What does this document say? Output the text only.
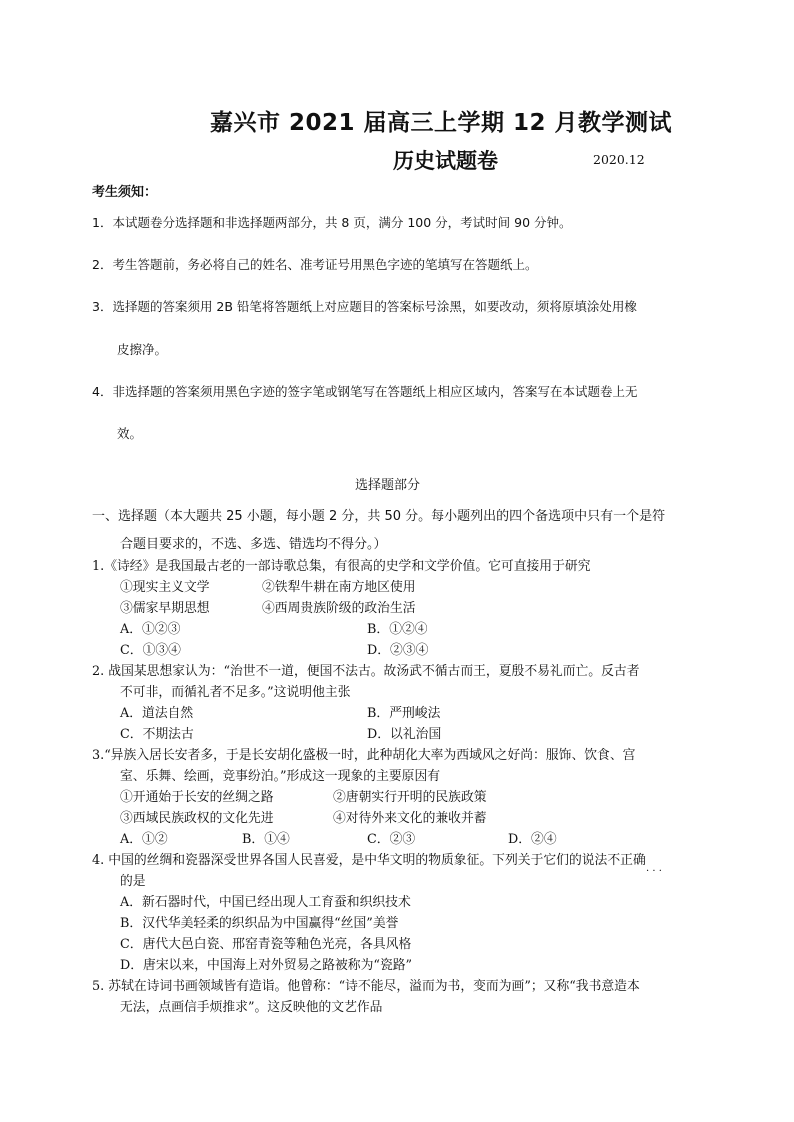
嘉兴市 2021 届高三上学期 12 月教学测试
历史试题卷	2020.12
考生须知：
1．本试题卷分选择题和非选择题两部分，共 8 页，满分 100 分，考试时间 90 分钟。
2．考生答题前，务必将自己的姓名、准考证号用黑色字迹的笔填写在答题纸上。
3．选择题的答案须用 2B 铅笔将答题纸上对应题目的答案标号涂黑，如要改动，须将原填涂处用橡
皮擦净。
4．非选择题的答案须用黑色字迹的签字笔或钢笔写在答题纸上相应区域内，答案写在本试题卷上无
效。
选择题部分
一、选择题（本大题共 25 小题，每小题 2 分，共 50 分。每小题列出的四个备选项中只有一个是符
合题目要求的，不选、多选、错选均不得分。）
1.《诗经》是我国最古老的一部诗歌总集，有很高的史学和文学价值。它可直接用于研究
①现实主义文学	②铁犁牛耕在南方地区使用
③儒家早期思想	④西周贵族阶级的政治生活
A．①②③	B．①②④
C．①③④	D．②③④
2. 战国某思想家认为：“治世不一道，便国不法古。故汤武不循古而王，夏殷不易礼而亡。反古者
不可非，而循礼者不足多。”这说明他主张
A．道法自然	B．严刑峻法
C．不期法古	D．以礼治国
3.“异族入居长安者多，于是长安胡化盛极一时，此种胡化大率为西域风之好尚：服饰、饮食、宫
室、乐舞、绘画，竞事纷泊。”形成这一现象的主要原因有
①开通始于长安的丝绸之路	②唐朝实行开明的民族政策
③西域民族政权的文化先进	④对待外来文化的兼收并蓄
A．①②	B．①④	C．②③	D．②④
4. 中国的丝绸和瓷器深受世界各国人民喜爱，是中华文明的物质象征。下列关于它们的说法不正确
· · ·
的是
A．新石器时代，中国已经出现人工育蚕和织织技术
B．汉代华美轻柔的织织品为中国赢得“丝国”美誉
C．唐代大邑白瓷、邢窑青瓷等釉色光亮，各具风格
D．唐宋以来，中国海上对外贸易之路被称为“瓷路”
5. 苏轼在诗词书画领域皆有造诣。他曾称：“诗不能尽，溢而为书，变而为画”；又称“我书意造本
无法，点画信手烦推求”。这反映他的文艺作品
